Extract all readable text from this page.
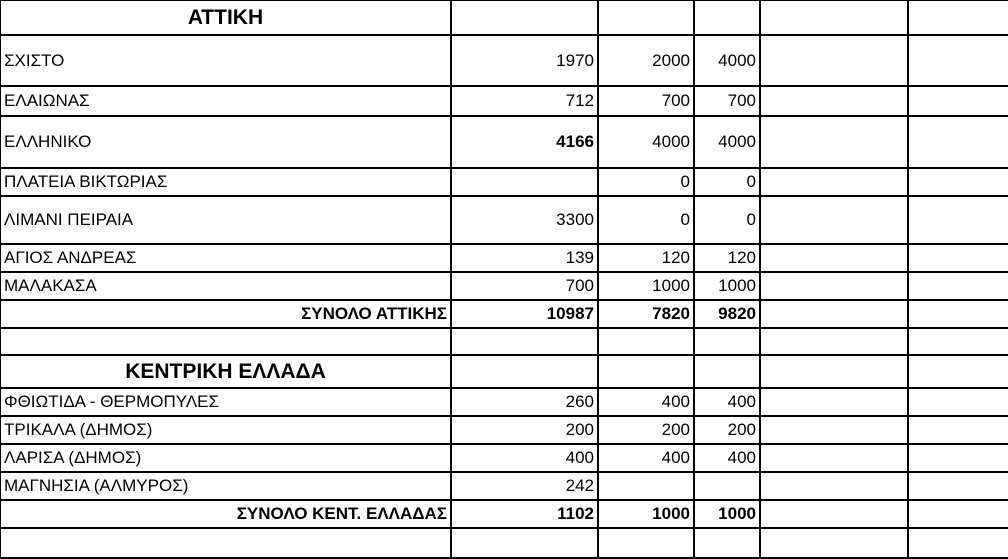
ΑΤΤΙΚΗ					
ΣΧΙΣΤΟ	1970	2000	4000		
ΕΛΑΙΩΝΑΣ	712	700	700		
ΕΛΛΗΝΙΚΟ	4166	4000	4000		
ΠΛΑΤΕΙΑ ΒΙΚΤΩΡΙΑΣ		0	0		
ΛΙΜΑΝΙ ΠΕΙΡΑΙΑ	3300	0	0		
ΑΓΙΟΣ ΑΝΔΡΕΑΣ	139	120	120		
ΜΑΛΑΚΑΣΑ	700	1000	1000		
ΣΥΝΟΛΟ ΑΤΤΙΚΗΣ	10987	7820	9820		

ΚΕΝΤΡΙΚΗ ΕΛΛΑΔΑ					
ΦΘΙΩΤΙΔΑ - ΘΕΡΜΟΠΥΛΕΣ	260	400	400		
ΤΡΙΚΑΛΑ (ΔΗΜΟΣ)	200	200	200		
ΛΑΡΙΣΑ (ΔΗΜΟΣ)	400	400	400		
ΜΑΓΝΗΣΙΑ (ΑΛΜΥΡΟΣ)	242				
ΣΥΝΟΛΟ ΚΕΝΤ. ΕΛΛΑΔΑΣ	1102	1000	1000		
